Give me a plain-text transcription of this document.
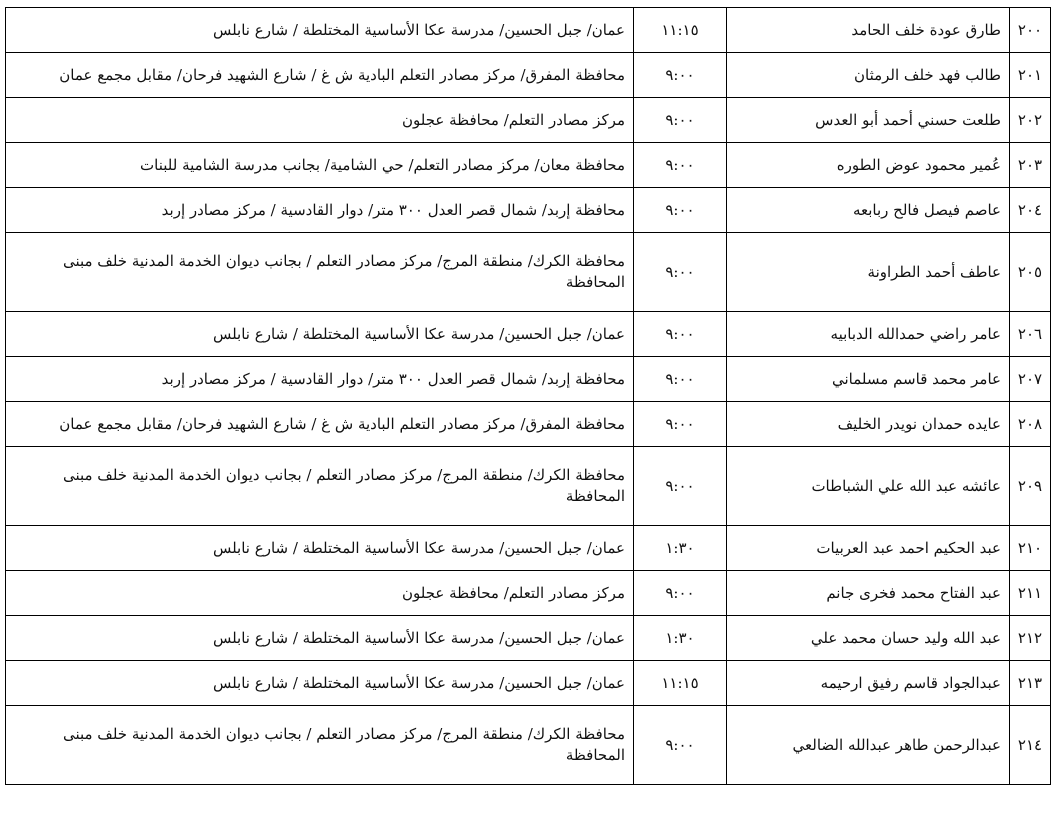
٢٠٠	طارق عودة خلف الحامد	١١:١٥	عمان/ جبل الحسين/ مدرسة عكا الأساسية المختلطة / شارع نابلس
٢٠١	طالب فهد خلف الرمثان	٩:٠٠	محافظة المفرق/ مركز مصادر التعلم البادية ش غ / شارع الشهيد فرحان/ مقابل مجمع عمان
٢٠٢	طلعت حسني أحمد أبو العدس	٩:٠٠	مركز مصادر التعلم/ محافظة عجلون
٢٠٣	عُمير محمود عوض الطوره	٩:٠٠	محافظة معان/ مركز مصادر التعلم/ حي الشامية/ بجانب مدرسة الشامية للبنات
٢٠٤	عاصم فيصل فالح ربابعه	٩:٠٠	محافظة إربد/ شمال قصر العدل ٣٠٠ متر/ دوار القادسية / مركز مصادر إربد
٢٠٥	عاطف أحمد الطراونة	٩:٠٠	محافظة الكرك/ منطقة المرج/ مركز مصادر التعلم / بجانب ديوان الخدمة المدنية خلف مبنى المحافظة
٢٠٦	عامر راضي حمدالله الدبابيه	٩:٠٠	عمان/ جبل الحسين/ مدرسة عكا الأساسية المختلطة / شارع نابلس
٢٠٧	عامر محمد قاسم مسلماني	٩:٠٠	محافظة إربد/ شمال قصر العدل ٣٠٠ متر/ دوار القادسية / مركز مصادر إربد
٢٠٨	عايده حمدان نويدر الخليف	٩:٠٠	محافظة المفرق/ مركز مصادر التعلم البادية ش غ / شارع الشهيد فرحان/ مقابل مجمع عمان
٢٠٩	عائشه عبد الله علي الشباطات	٩:٠٠	محافظة الكرك/ منطقة المرج/ مركز مصادر التعلم / بجانب ديوان الخدمة المدنية خلف مبنى المحافظة
٢١٠	عبد الحكيم احمد عبد العربيات	١:٣٠	عمان/ جبل الحسين/ مدرسة عكا الأساسية المختلطة / شارع نابلس
٢١١	عبد الفتاح محمد فخرى جانم	٩:٠٠	مركز مصادر التعلم/ محافظة عجلون
٢١٢	عبد الله وليد حسان محمد علي	١:٣٠	عمان/ جبل الحسين/ مدرسة عكا الأساسية المختلطة / شارع نابلس
٢١٣	عبدالجواد قاسم رفيق ارحيمه	١١:١٥	عمان/ جبل الحسين/ مدرسة عكا الأساسية المختلطة / شارع نابلس
٢١٤	عبدالرحمن طاهر عبدالله الضالعي	٩:٠٠	محافظة الكرك/ منطقة المرج/ مركز مصادر التعلم / بجانب ديوان الخدمة المدنية خلف مبنى المحافظة
